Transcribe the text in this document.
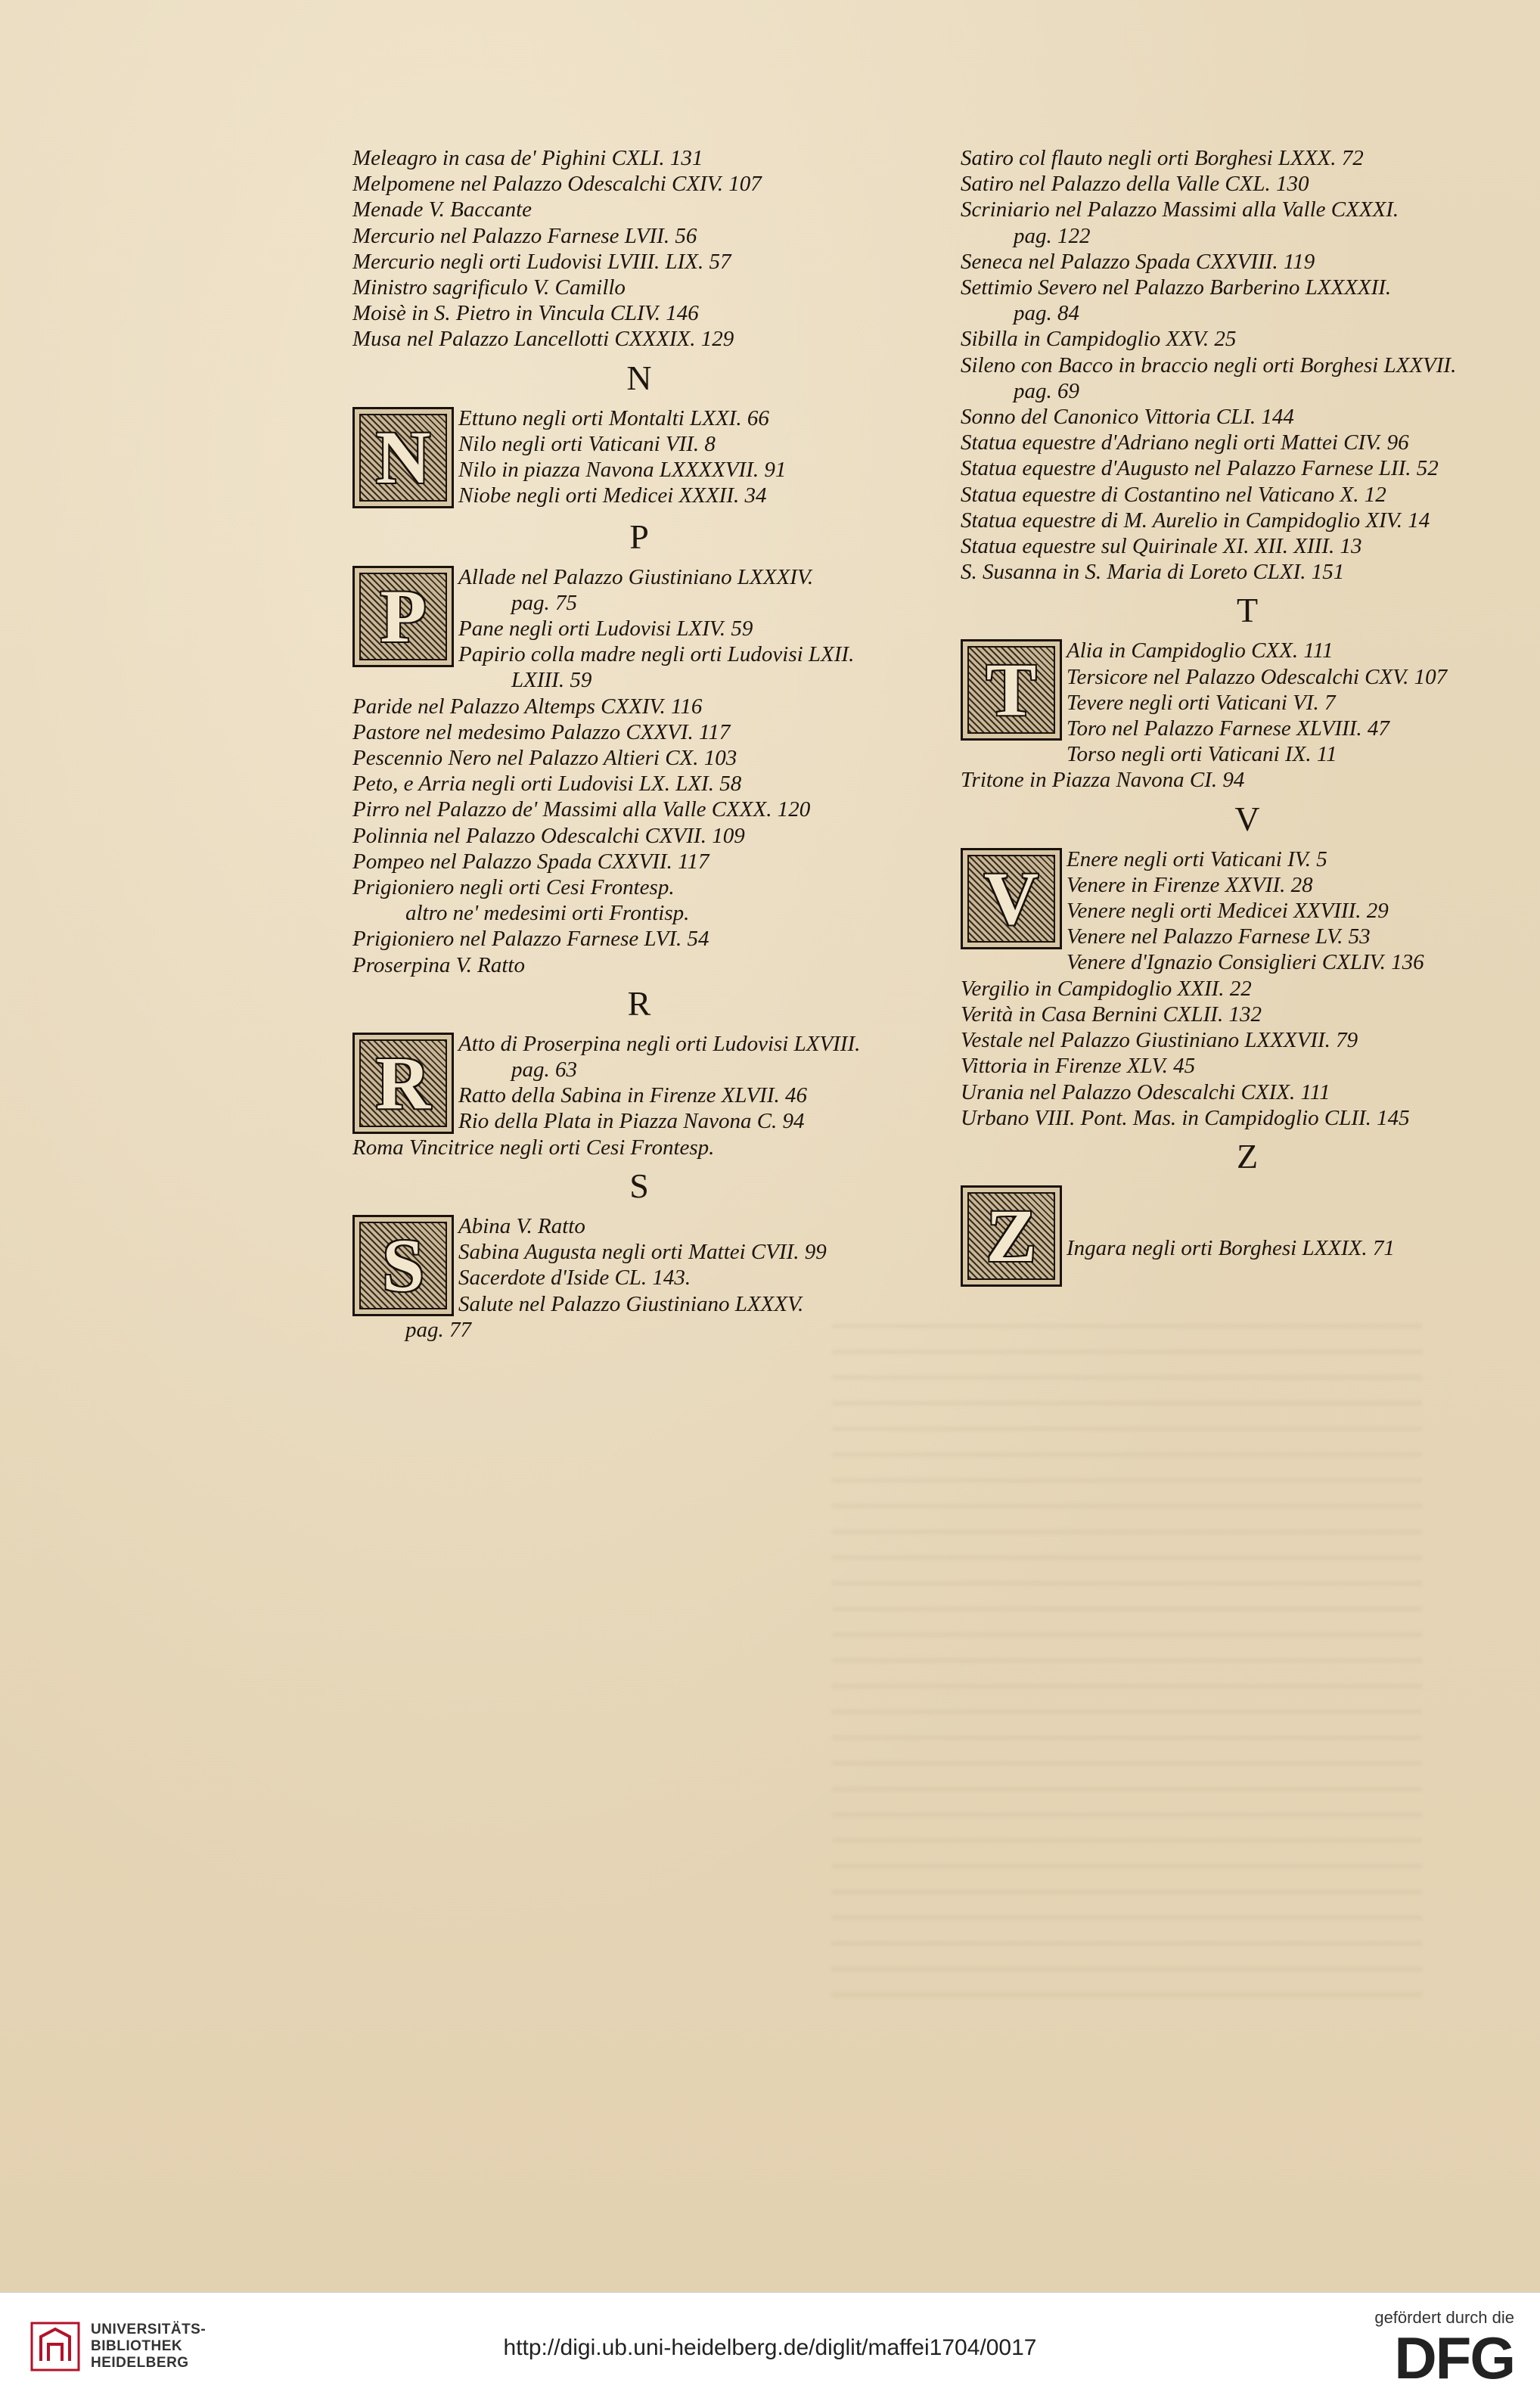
Meleagro in casa de' Pighini CXLI. 131
Melpomene nel Palazzo Odescalchi CXIV. 107
Menade V. Baccante
Mercurio nel Palazzo Farnese LVII. 56
Mercurio negli orti Ludovisi LVIII. LIX. 57
Ministro sagrificulo V. Camillo
Moisè in S. Pietro in Vincula CLIV. 146
Musa nel Palazzo Lancellotti CXXXIX. 129
N
N	Ettuno negli orti Montalti LXXI. 66
Nilo negli orti Vaticani VII. 8
Nilo in piazza Navona LXXXXVII. 91
Niobe negli orti Medicei XXXII. 34
P
P	Allade nel Palazzo Giustiniano LXXXIV.
pag. 75
Pane negli orti Ludovisi LXIV. 59
Papirio colla madre negli orti Ludovisi LXII.
LXIII. 59
Paride nel Palazzo Altemps CXXIV. 116
Pastore nel medesimo Palazzo CXXVI. 117
Pescennio Nero nel Palazzo Altieri CX. 103
Peto, e Arria negli orti Ludovisi LX. LXI. 58
Pirro nel Palazzo de' Massimi alla Valle CXXX. 120
Polinnia nel Palazzo Odescalchi CXVII. 109
Pompeo nel Palazzo Spada CXXVII. 117
Prigioniero negli orti Cesi Frontesp.
altro ne' medesimi orti Frontisp.
Prigioniero nel Palazzo Farnese LVI. 54
Proserpina V. Ratto
R
R	Atto di Proserpina negli orti Ludovisi LXVIII.
pag. 63
Ratto della Sabina in Firenze XLVII. 46
Rio della Plata in Piazza Navona C. 94
Roma Vincitrice negli orti Cesi Frontesp.
S
S	Abina V. Ratto
Sabina Augusta negli orti Mattei CVII. 99
Sacerdote d'Iside CL. 143.
Salute nel Palazzo Giustiniano LXXXV.
pag. 77
Satiro col flauto negli orti Borghesi LXXX. 72
Satiro nel Palazzo della Valle CXL. 130
Scriniario nel Palazzo Massimi alla Valle CXXXI.
pag. 122
Seneca nel Palazzo Spada CXXVIII. 119
Settimio Severo nel Palazzo Barberino LXXXXII.
pag. 84
Sibilla in Campidoglio XXV. 25
Sileno con Bacco in braccio negli orti Borghesi LXXVII.
pag. 69
Sonno del Canonico Vittoria CLI. 144
Statua equestre d'Adriano negli orti Mattei CIV. 96
Statua equestre d'Augusto nel Palazzo Farnese LII. 52
Statua equestre di Costantino nel Vaticano X. 12
Statua equestre di M. Aurelio in Campidoglio XIV. 14
Statua equestre sul Quirinale XI. XII. XIII. 13
S. Susanna in S. Maria di Loreto CLXI. 151
T
T	Alia in Campidoglio CXX. 111
Tersicore nel Palazzo Odescalchi CXV. 107
Tevere negli orti Vaticani VI. 7
Toro nel Palazzo Farnese XLVIII. 47
Torso negli orti Vaticani IX. 11
Tritone in Piazza Navona CI. 94
V
V	Enere negli orti Vaticani IV. 5
Venere in Firenze XXVII. 28
Venere negli orti Medicei XXVIII. 29
Venere nel Palazzo Farnese LV. 53
Venere d'Ignazio Consiglieri CXLIV. 136
Vergilio in Campidoglio XXII. 22
Verità in Casa Bernini CXLII. 132
Vestale nel Palazzo Giustiniano LXXXVII. 79
Vittoria in Firenze XLV. 45
Urania nel Palazzo Odescalchi CXIX. 111
Urbano VIII. Pont. Mas. in Campidoglio CLII. 145
Z
Z	Ingara negli orti Borghesi LXXIX. 71
UNIVERSITÄTS-
BIBLIOTHEK
HEIDELBERG
http://digi.ub.uni-heidelberg.de/diglit/maffei1704/0017
gefördert durch die
DFG
